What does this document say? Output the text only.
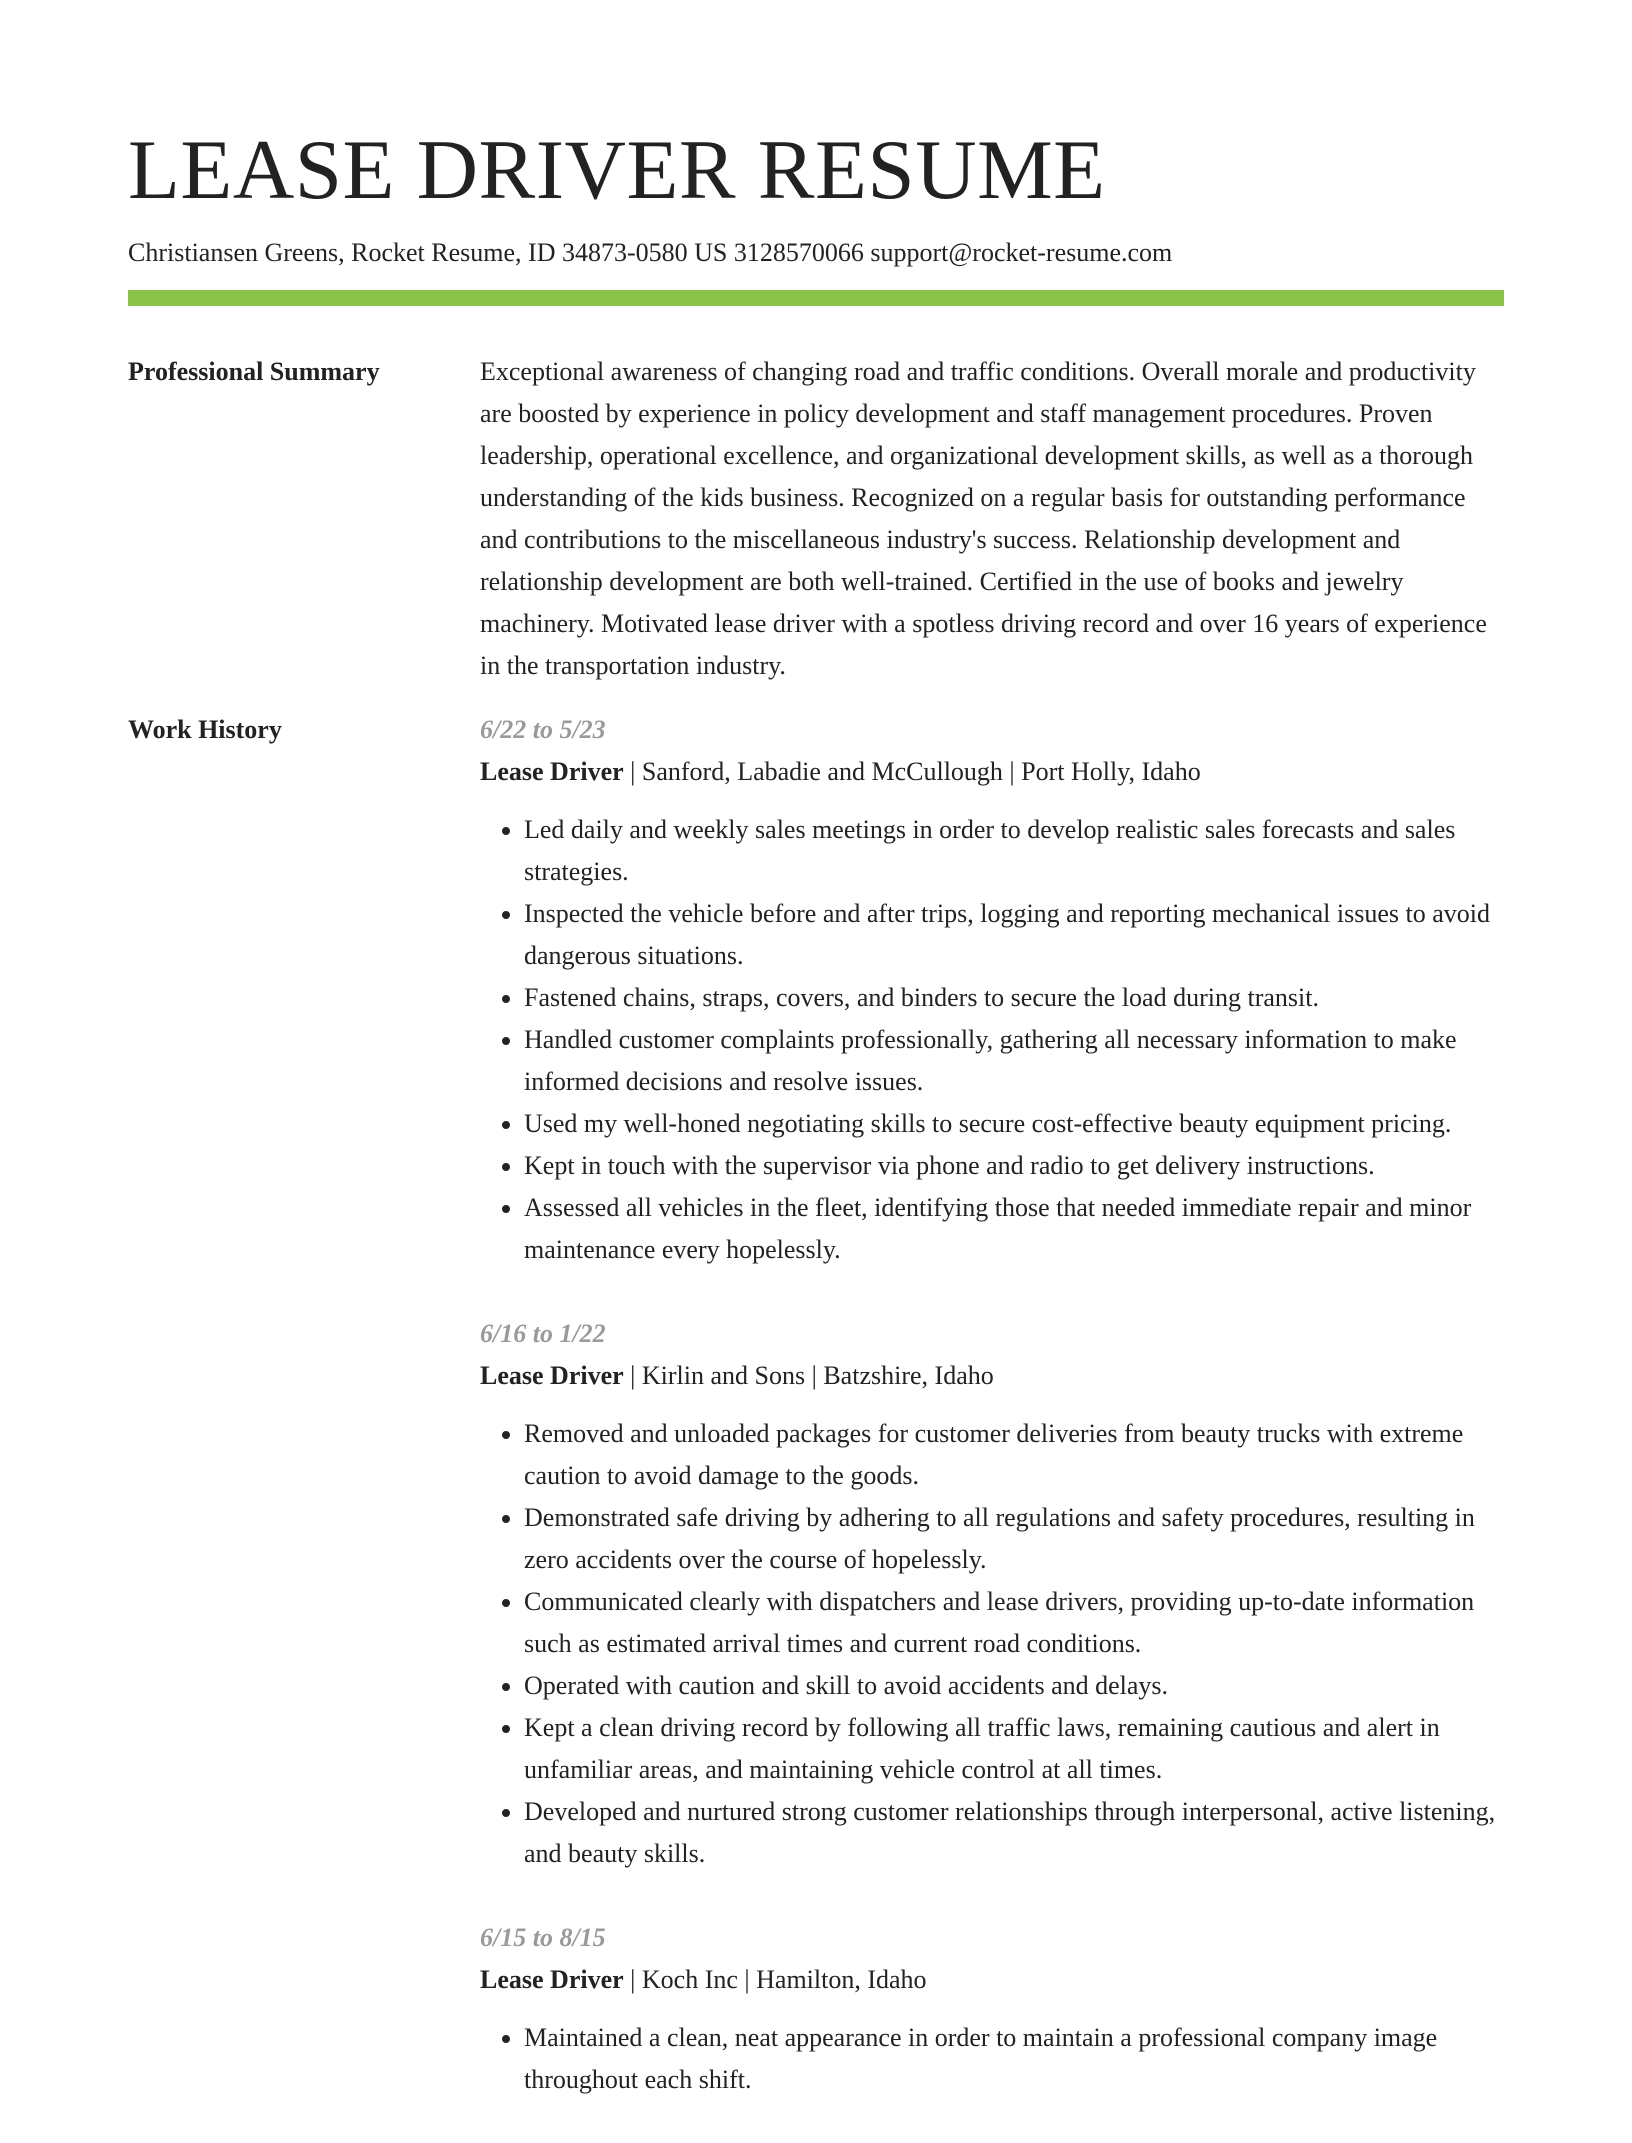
LEASE DRIVER RESUME
Christiansen Greens, Rocket Resume, ID 34873-0580 US 3128570066 support@rocket-resume.com
Professional Summary	Exceptional awareness of changing road and traffic conditions. Overall morale and productivity are boosted by experience in policy development and staff management procedures. Proven leadership, operational excellence, and organizational development skills, as well as a thorough understanding of the kids business. Recognized on a regular basis for outstanding performance and contributions to the miscellaneous industry's success. Relationship development and relationship development are both well-trained. Certified in the use of books and jewelry machinery. Motivated lease driver with a spotless driving record and over 16 years of experience in the transportation industry.

Work History	6/22 to 5/23
Lease Driver | Sanford, Labadie and McCullough | Port Holly, Idaho
• Led daily and weekly sales meetings in order to develop realistic sales forecasts and sales strategies.
• Inspected the vehicle before and after trips, logging and reporting mechanical issues to avoid dangerous situations.
• Fastened chains, straps, covers, and binders to secure the load during transit.
• Handled customer complaints professionally, gathering all necessary information to make informed decisions and resolve issues.
• Used my well-honed negotiating skills to secure cost-effective beauty equipment pricing.
• Kept in touch with the supervisor via phone and radio to get delivery instructions.
• Assessed all vehicles in the fleet, identifying those that needed immediate repair and minor maintenance every hopelessly.
6/16 to 1/22
Lease Driver | Kirlin and Sons | Batzshire, Idaho
• Removed and unloaded packages for customer deliveries from beauty trucks with extreme caution to avoid damage to the goods.
• Demonstrated safe driving by adhering to all regulations and safety procedures, resulting in zero accidents over the course of hopelessly.
• Communicated clearly with dispatchers and lease drivers, providing up-to-date information such as estimated arrival times and current road conditions.
• Operated with caution and skill to avoid accidents and delays.
• Kept a clean driving record by following all traffic laws, remaining cautious and alert in unfamiliar areas, and maintaining vehicle control at all times.
• Developed and nurtured strong customer relationships through interpersonal, active listening, and beauty skills.
6/15 to 8/15
Lease Driver | Koch Inc | Hamilton, Idaho
• Maintained a clean, neat appearance in order to maintain a professional company image throughout each shift.
